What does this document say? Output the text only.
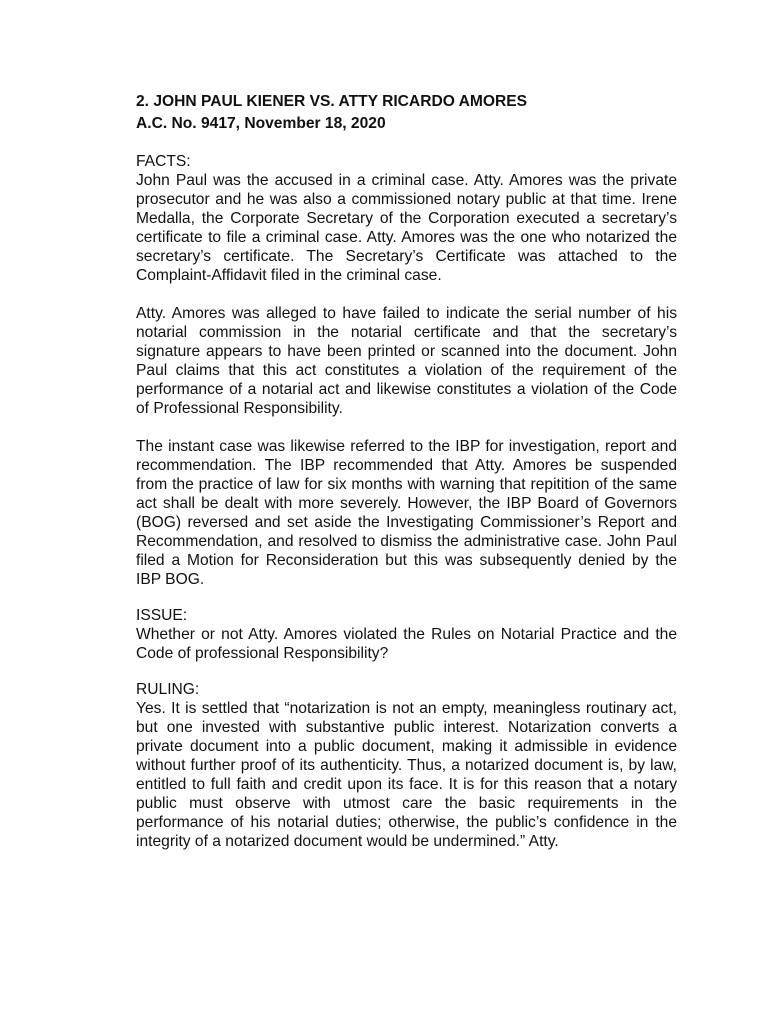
2. JOHN PAUL KIENER VS. ATTY RICARDO AMORES
A.C. No. 9417, November 18, 2020
FACTS:

John Paul was the accused in a criminal case. Atty. Amores was the private prosecutor and he was also a commissioned notary public at that time. Irene Medalla, the Corporate Secretary of the Corporation executed a secretary’s certificate to file a criminal case. Atty. Amores was the one who notarized the secretary’s certificate. The Secretary’s Certificate was attached to the Complaint-Affidavit filed in the criminal case.

Atty. Amores was alleged to have failed to indicate the serial number of his notarial commission in the notarial certificate and that the secretary’s signature appears to have been printed or scanned into the document. John Paul claims that this act constitutes a violation of the requirement of the performance of a notarial act and likewise constitutes a violation of the Code of Professional Responsibility.

The instant case was likewise referred to the IBP for investigation, report and recommendation. The IBP recommended that Atty. Amores be suspended from the practice of law for six months with warning that repitition of the same act shall be dealt with more severely. However, the IBP Board of Governors (BOG) reversed and set aside the Investigating Commissioner’s Report and Recommendation, and resolved to dismiss the administrative case. John Paul filed a Motion for Reconsideration but this was subsequently denied by the IBP BOG.

ISSUE:

Whether or not Atty. Amores violated the Rules on Notarial Practice and the Code of professional Responsibility?

RULING:

Yes. It is settled that “notarization is not an empty, meaningless routinary act, but one invested with substantive public interest. Notarization converts a private document into a public document, making it admissible in evidence without further proof of its authenticity. Thus, a notarized document is, by law, entitled to full faith and credit upon its face. It is for this reason that a notary public must observe with utmost care the basic requirements in the performance of his notarial duties; otherwise, the public’s confidence in the integrity of a notarized document would be undermined.” Atty.
